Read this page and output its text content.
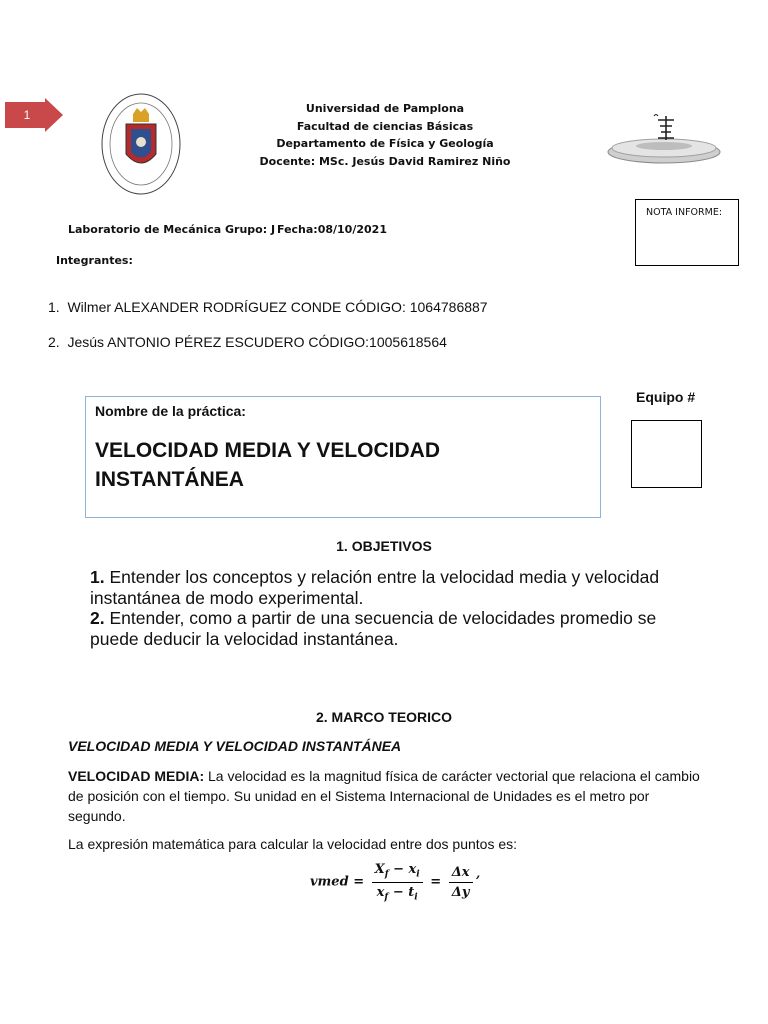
1	Universidad de Pamplona
Facultad de ciencias Básicas
Departamento de Física y Geología
Docente: MSc. Jesús David Ramirez Niño
Laboratorio de Mecánica Grupo: J Fecha:08/10/2021
Integrantes:
NOTA INFORME:
1. Wilmer ALEXANDER RODRÍGUEZ CONDE CÓDIGO: 1064786887
2. Jesús ANTONIO PÉREZ ESCUDERO CÓDIGO:1005618564
Nombre de la práctica:
VELOCIDAD MEDIA Y VELOCIDAD INSTANTÁNEA
Equipo #
1. OBJETIVOS
1. Entender los conceptos y relación entre la velocidad media y velocidad instantánea de modo experimental.
2. Entender, como a partir de una secuencia de velocidades promedio se puede deducir la velocidad instantánea.
2. MARCO TEORICO
VELOCIDAD MEDIA Y VELOCIDAD INSTANTÁNEA
VELOCIDAD MEDIA: La velocidad es la magnitud física de carácter vectorial que relaciona el cambio de posición con el tiempo. Su unidad en el Sistema Internacional de Unidades es el metro por segundo.
La expresión matemática para calcular la velocidad entre dos puntos es:
vmed = $\frac{X_f - x_i}{x_f - t_i} = \frac{\Delta x}{\Delta y}$ ʼ
